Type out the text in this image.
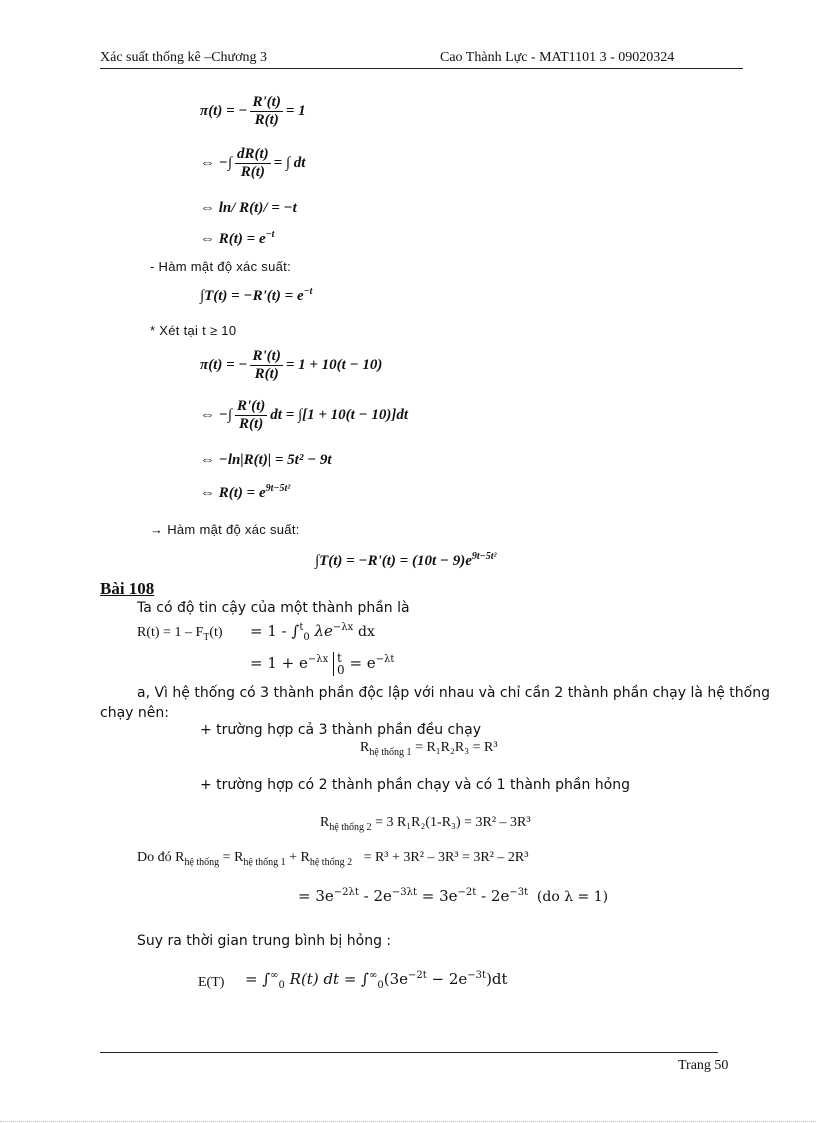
Xác suất thống kê –Chương 3	Cao Thành Lực - MAT1101 3 - 09020324
π(t) = − $\frac{R'(t)}{R(t)} = 1$
⇔ −∫ $\frac{dR(t)}{R(t)}$ = ∫ dt
⇔ ln/ R(t)/ = −t
⇔ $R(t) = e^{-t}$
- Hàm mật độ xác suất:
$\int T(t) = -R'(t) = e^{-t}$
* Xét tại t ≥ 10
π(t) = − $\frac{R'(t)}{R(t)} = 1 + 10(t - 10)$
⇔ −∫ $\frac{R'(t)}{R(t)}$ dt = ∫[1 + 10(t − 10)]dt
⇔ −ln|R(t)| = 5t² − 9t
⇔ $R(t) = e^{9t-5t^2}$
→ Hàm mật độ xác suất:
$\int T(t) = -R'(t) = (10t - 9)e^{9t-5t^2}$
Bài 108
Ta có độ tin cậy của một thành phần là
$R(t) = 1 - F_T(t) = 1 - \int^t_0$ $\lambda e^{-\lambda x}$ dx
= $1 + e^{-\lambda x}$ t
$0 = e^{-\lambda t}$
a, Vì hệ thống có 3 thành phần độc lập với nhau và chỉ cần 2 thành phần chạy là hệ thống
chạy nên:
+ trường hợp cả 3 thành phần đều chạy
$R_{hệ thống 1} = R_1R_2R_3 = R^3$
+ trường hợp có 2 thành phần chạy và có 1 thành phần hỏng
$R_{hệ thống 2} = 3$ R₁R₂(1-R₃) = 3R² – 3R³
Do đó $R_{hệ thống} = R_{hệ thống 1} + R_{hệ thống 2} = R^3 + 3R^2 - 3R^3 = 3R^2 - 2R^3$
= $3e^{-2\lambda t} - 2e^{-3\lambda t} = 3e^{-2t} - 2e^{-3t}$ (do λ = 1)
Suy ra thời gian trung bình bị hỏng :
$E(T) = \int^\infty_0$ R(t) dt = $\int^\infty_0(3e^{-2t} - 2e^{-3t})dt$
Trang 50
